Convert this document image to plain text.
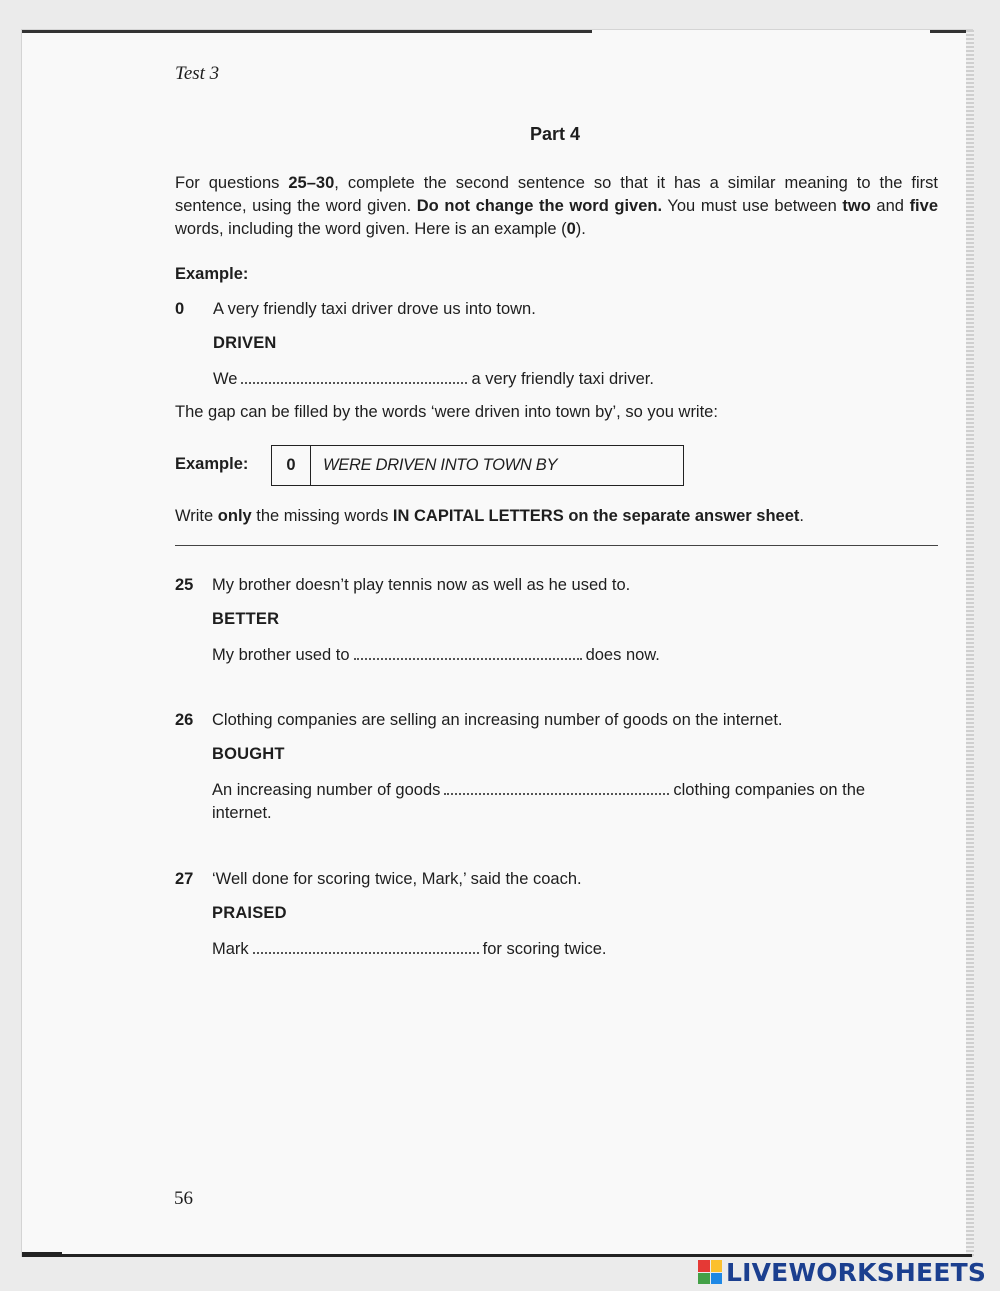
Test 3
Part 4
For questions 25–30, complete the second sentence so that it has a similar meaning to the first sentence, using the word given. Do not change the word given. You must use between two and five words, including the word given. Here is an example (0).
Example:
0 A very friendly taxi driver drove us into town.
DRIVEN
We	a very friendly taxi driver.
The gap can be filled by the words ‘were driven into town by’, so you write:
Example:	0	WERE DRIVEN INTO TOWN BY
Write only the missing words IN CAPITAL LETTERS on the separate answer sheet.
25 My brother doesn’t play tennis now as well as he used to.
BETTER
My brother used to	does now.
26 Clothing companies are selling an increasing number of goods on the internet.
BOUGHT
An increasing number of goods	clothing companies on the
internet.
27 ‘Well done for scoring twice, Mark,’ said the coach.
PRAISED
Mark	for scoring twice.
56
LIVEWORKSHEETS
